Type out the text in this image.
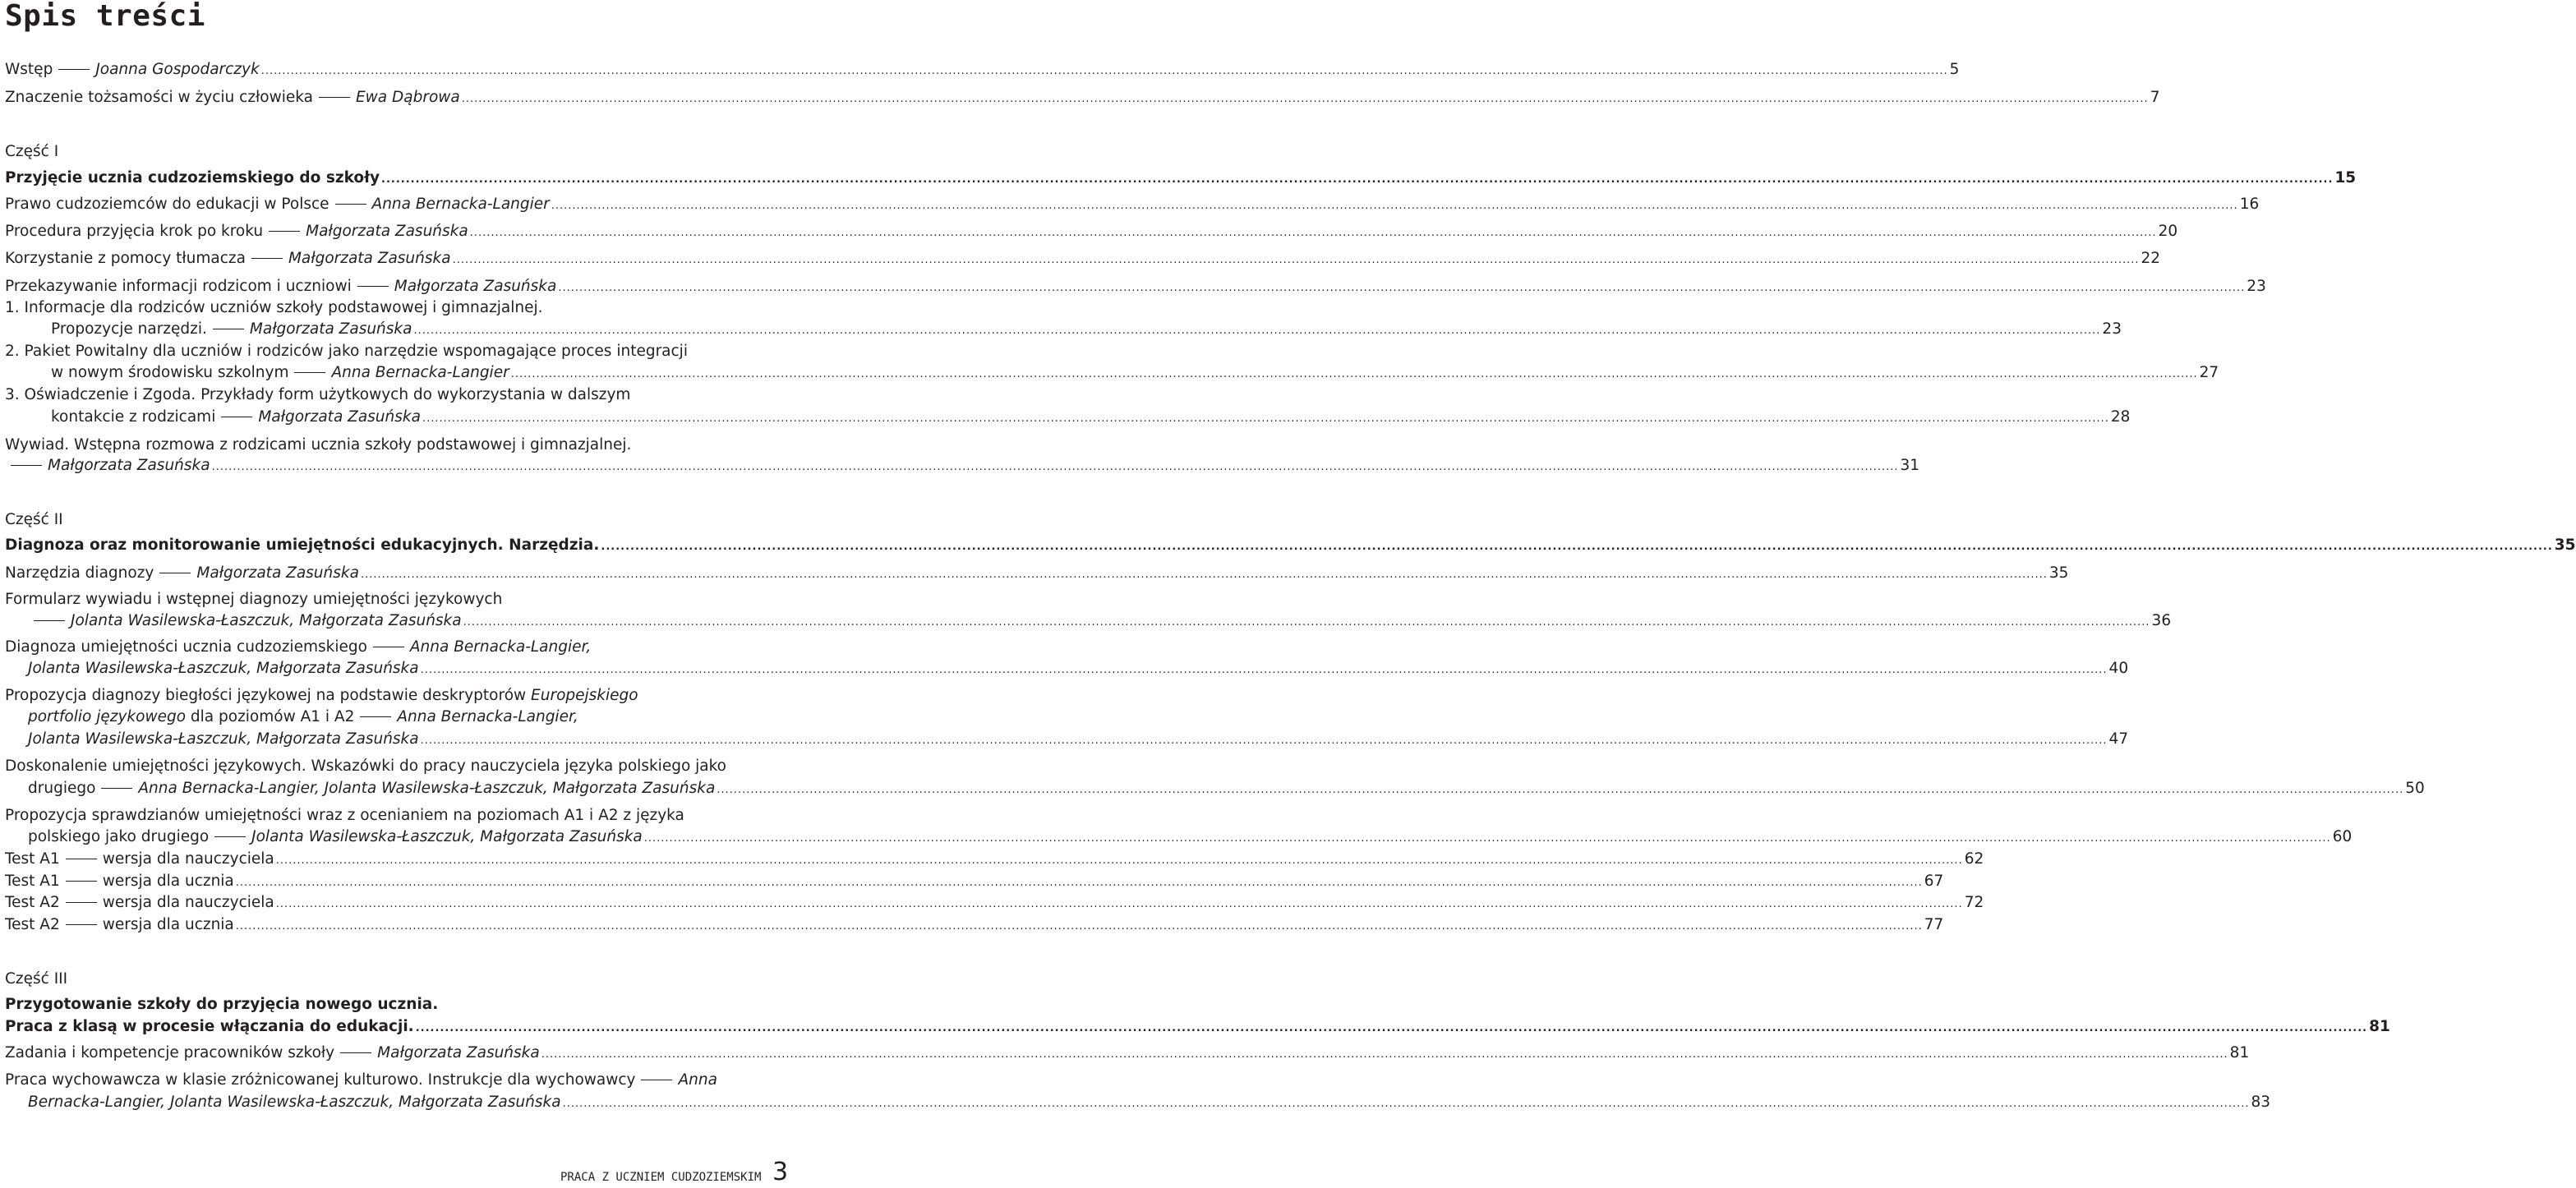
Spis treści
Wstęp	Joanna Gospodarczyk ................................................................................................................................................................................................................................................................................................................................................................................................................ 5
Znaczenie tożsamości w życiu człowieka	Ewa Dąbrowa ................................................................................................................................................................................................................................................................................................................................................................................................................ 7
Część I
Przyjęcie ucznia cudzoziemskiego do szkoły ................................................................................................................................................................................................................................................................................................................................................................................................................ 15
Prawo cudzoziemców do edukacji w Polsce	Anna Bernacka-Langier ................................................................................................................................................................................................................................................................................................................................................................................................................ 16
Procedura przyjęcia krok po kroku	Małgorzata Zasuńska ................................................................................................................................................................................................................................................................................................................................................................................................................ 20
Korzystanie z pomocy tłumacza	Małgorzata Zasuńska ................................................................................................................................................................................................................................................................................................................................................................................................................ 22
Przekazywanie informacji rodzicom i uczniowi	Małgorzata Zasuńska ................................................................................................................................................................................................................................................................................................................................................................................................................ 23
1. Informacje dla rodziców uczniów szkoły podstawowej i gimnazjalnej.
Propozycje narzędzi.	Małgorzata Zasuńska ................................................................................................................................................................................................................................................................................................................................................................................................................ 23
2. Pakiet Powitalny dla uczniów i rodziców jako narzędzie wspomagające proces integracji
w nowym środowisku szkolnym	Anna Bernacka-Langier ................................................................................................................................................................................................................................................................................................................................................................................................................ 27
3. Oświadczenie i Zgoda. Przykłady form użytkowych do wykorzystania w dalszym
kontakcie z rodzicami	Małgorzata Zasuńska ................................................................................................................................................................................................................................................................................................................................................................................................................ 28
Wywiad. Wstępna rozmowa z rodzicami ucznia szkoły podstawowej i gimnazjalnej.
Małgorzata Zasuńska ................................................................................................................................................................................................................................................................................................................................................................................................................ 31
Część II
Diagnoza oraz monitorowanie umiejętności edukacyjnych. Narzędzia. ................................................................................................................................................................................................................................................................................................................................................................................................................ 35
Narzędzia diagnozy	Małgorzata Zasuńska ................................................................................................................................................................................................................................................................................................................................................................................................................ 35
Formularz wywiadu i wstępnej diagnozy umiejętności językowych
Jolanta Wasilewska-Łaszczuk, Małgorzata Zasuńska ................................................................................................................................................................................................................................................................................................................................................................................................................ 36
Diagnoza umiejętności ucznia cudzoziemskiego	Anna Bernacka-Langier,
Jolanta Wasilewska-Łaszczuk, Małgorzata Zasuńska ................................................................................................................................................................................................................................................................................................................................................................................................................ 40
Propozycja diagnozy biegłości językowej na podstawie deskryptorów Europejskiego
portfolio językowego dla poziomów A1 i A2	Anna Bernacka-Langier,
Jolanta Wasilewska-Łaszczuk, Małgorzata Zasuńska ................................................................................................................................................................................................................................................................................................................................................................................................................ 47
Doskonalenie umiejętności językowych. Wskazówki do pracy nauczyciela języka polskiego jako
drugiego	Anna Bernacka-Langier, Jolanta Wasilewska-Łaszczuk, Małgorzata Zasuńska ................................................................................................................................................................................................................................................................................................................................................................................................................ 50
Propozycja sprawdzianów umiejętności wraz z ocenianiem na poziomach A1 i A2 z języka
polskiego jako drugiego	Jolanta Wasilewska-Łaszczuk, Małgorzata Zasuńska ................................................................................................................................................................................................................................................................................................................................................................................................................ 60
Test A1	wersja dla nauczyciela ................................................................................................................................................................................................................................................................................................................................................................................................................ 62
Test A1	wersja dla ucznia ................................................................................................................................................................................................................................................................................................................................................................................................................ 67
Test A2	wersja dla nauczyciela ................................................................................................................................................................................................................................................................................................................................................................................................................ 72
Test A2	wersja dla ucznia ................................................................................................................................................................................................................................................................................................................................................................................................................ 77
Część III
Przygotowanie szkoły do przyjęcia nowego ucznia.
Praca z klasą w procesie włączania do edukacji. ................................................................................................................................................................................................................................................................................................................................................................................................................ 81
Zadania i kompetencje pracowników szkoły	Małgorzata Zasuńska ................................................................................................................................................................................................................................................................................................................................................................................................................ 81
Praca wychowawcza w klasie zróżnicowanej kulturowo. Instrukcje dla wychowawcy	Anna
Bernacka-Langier, Jolanta Wasilewska-Łaszczuk, Małgorzata Zasuńska ................................................................................................................................................................................................................................................................................................................................................................................................................ 83
PRACA Z UCZNIEM CUDZOZIEMSKIM 3
